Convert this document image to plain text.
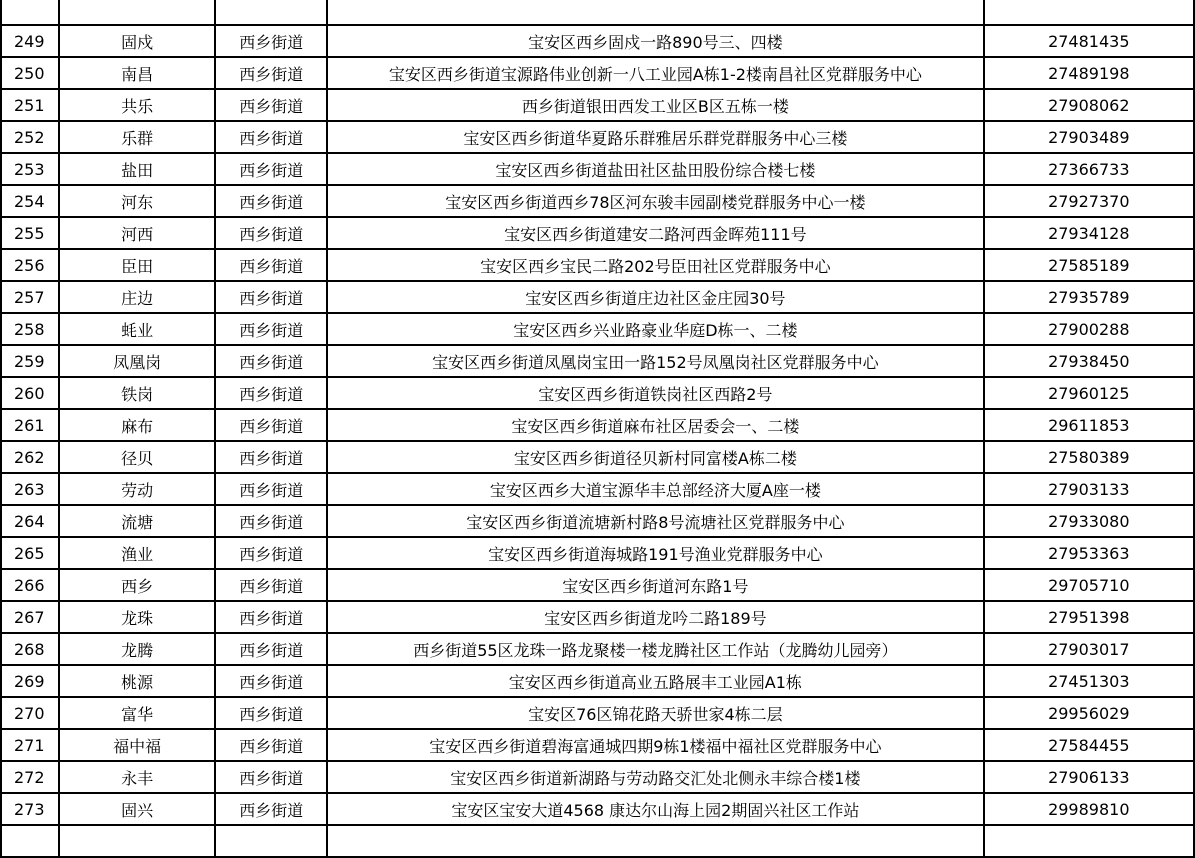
249	固戍	西乡街道	宝安区西乡固戍一路890号三、四楼	27481435
250	南昌	西乡街道	宝安区西乡街道宝源路伟业创新一八工业园A栋1-2楼南昌社区党群服务中心	27489198
251	共乐	西乡街道	西乡街道银田西发工业区B区五栋一楼	27908062
252	乐群	西乡街道	宝安区西乡街道华夏路乐群雅居乐群党群服务中心三楼	27903489
253	盐田	西乡街道	宝安区西乡街道盐田社区盐田股份综合楼七楼	27366733
254	河东	西乡街道	宝安区西乡街道西乡78区河东骏丰园副楼党群服务中心一楼	27927370
255	河西	西乡街道	宝安区西乡街道建安二路河西金晖苑111号	27934128
256	臣田	西乡街道	宝安区西乡宝民二路202号臣田社区党群服务中心	27585189
257	庄边	西乡街道	宝安区西乡街道庄边社区金庄园30号	27935789
258	蚝业	西乡街道	宝安区西乡兴业路豪业华庭D栋一、二楼	27900288
259	凤凰岗	西乡街道	宝安区西乡街道凤凰岗宝田一路152号凤凰岗社区党群服务中心	27938450
260	铁岗	西乡街道	宝安区西乡街道铁岗社区西路2号	27960125
261	麻布	西乡街道	宝安区西乡街道麻布社区居委会一、二楼	29611853
262	径贝	西乡街道	宝安区西乡街道径贝新村同富楼A栋二楼	27580389
263	劳动	西乡街道	宝安区西乡大道宝源华丰总部经济大厦A座一楼	27903133
264	流塘	西乡街道	宝安区西乡街道流塘新村路8号流塘社区党群服务中心	27933080
265	渔业	西乡街道	宝安区西乡街道海城路191号渔业党群服务中心	27953363
266	西乡	西乡街道	宝安区西乡街道河东路1号	29705710
267	龙珠	西乡街道	宝安区西乡街道龙吟二路189号	27951398
268	龙腾	西乡街道	西乡街道55区龙珠一路龙聚楼一楼龙腾社区工作站（龙腾幼儿园旁）	27903017
269	桃源	西乡街道	宝安区西乡街道高业五路展丰工业园A1栋	27451303
270	富华	西乡街道	宝安区76区锦花路天骄世家4栋二层	29956029
271	福中福	西乡街道	宝安区西乡街道碧海富通城四期9栋1楼福中福社区党群服务中心	27584455
272	永丰	西乡街道	宝安区西乡街道新湖路与劳动路交汇处北侧永丰综合楼1楼	27906133
273	固兴	西乡街道	宝安区宝安大道4568 康达尔山海上园2期固兴社区工作站	29989810
